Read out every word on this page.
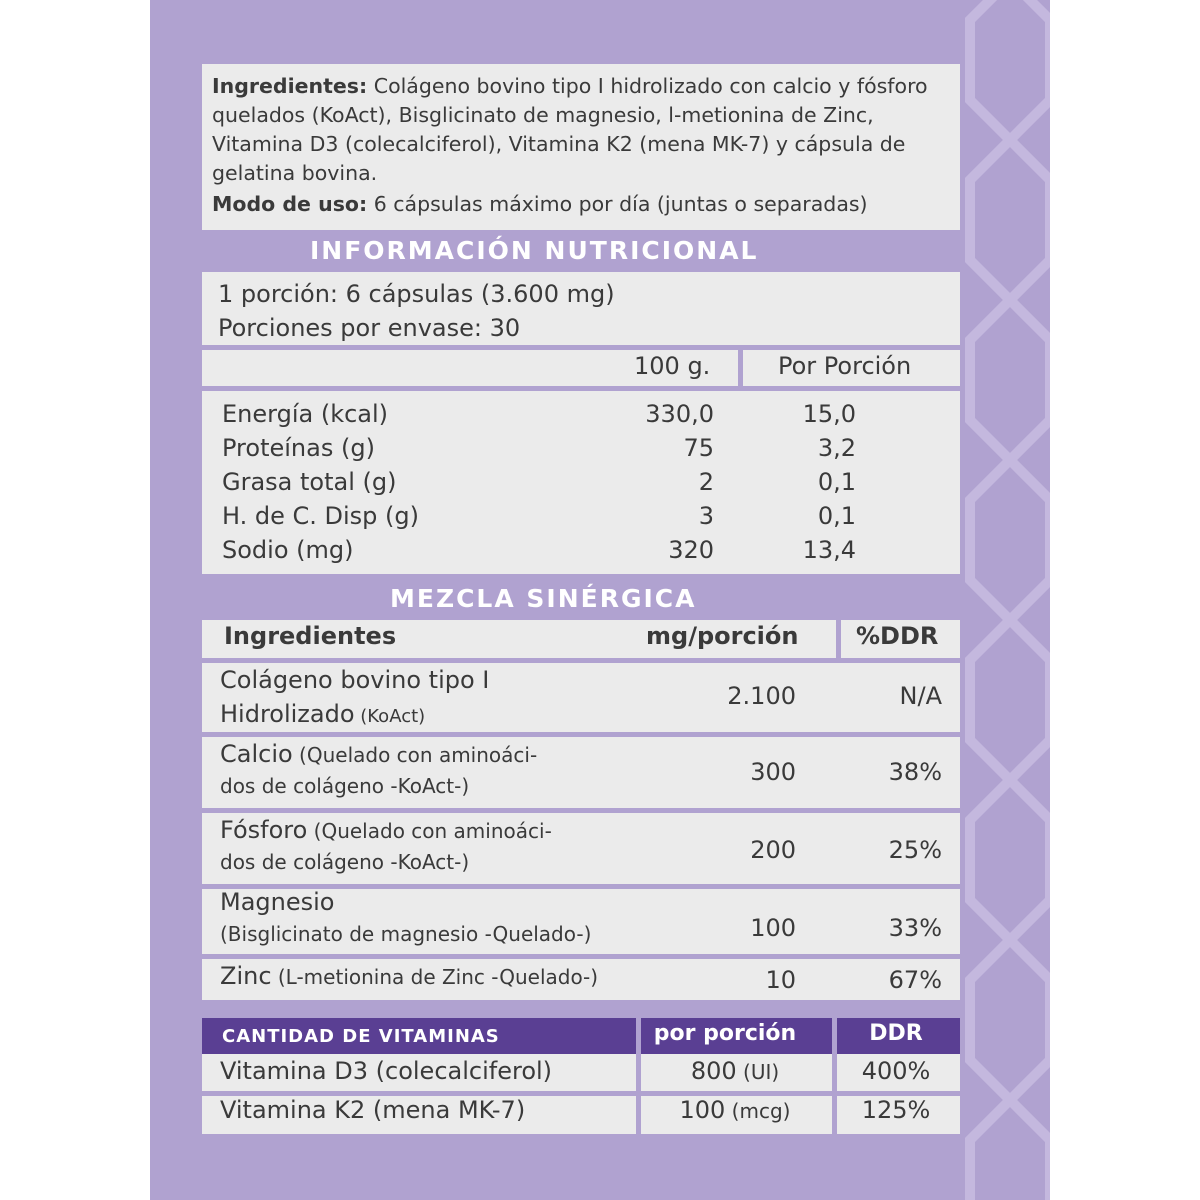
Ingredientes: Colágeno bovino tipo I hidrolizado con calcio y fósforo quelados (KoAct), Bisglicinato de magnesio, l-metionina de Zinc, Vitamina D3 (colecalciferol), Vitamina K2 (mena MK-7) y cápsula de gelatina bovina.

Modo de uso: 6 cápsulas máximo por día (juntas o separadas)

INFORMACIÓN NUTRICIONAL
1 porción: 6 cápsulas (3.600 mg)
Porciones por envase: 30
100 g.	Por Porción
Energía (kcal)	330,0	15,0
Proteínas (g)	75	3,2
Grasa total (g)	2	0,1
H. de C. Disp (g)	3	0,1
Sodio (mg)	320	13,4
MEZCLA SINÉRGICA
Ingredientes	mg/porción %DDR
Colágeno bovino tipo I
Hidrolizado (KoAct)
2.100	N/A
Calcio (Quelado con aminoáci-
dos de colágeno -KoAct-)	300	38%
Fósforo (Quelado con aminoáci-
dos de colágeno -KoAct-)	200	25%
Magnesio
(Bisglicinato de magnesio -Quelado-)	100	33%
Zinc (L-metionina de Zinc -Quelado-)	10	67%
CANTIDAD DE VITAMINAS	por porción	DDR
Vitamina D3 (colecalciferol)	800 (UI)	400%
Vitamina K2 (mena MK-7)	100 (mcg)	125%
